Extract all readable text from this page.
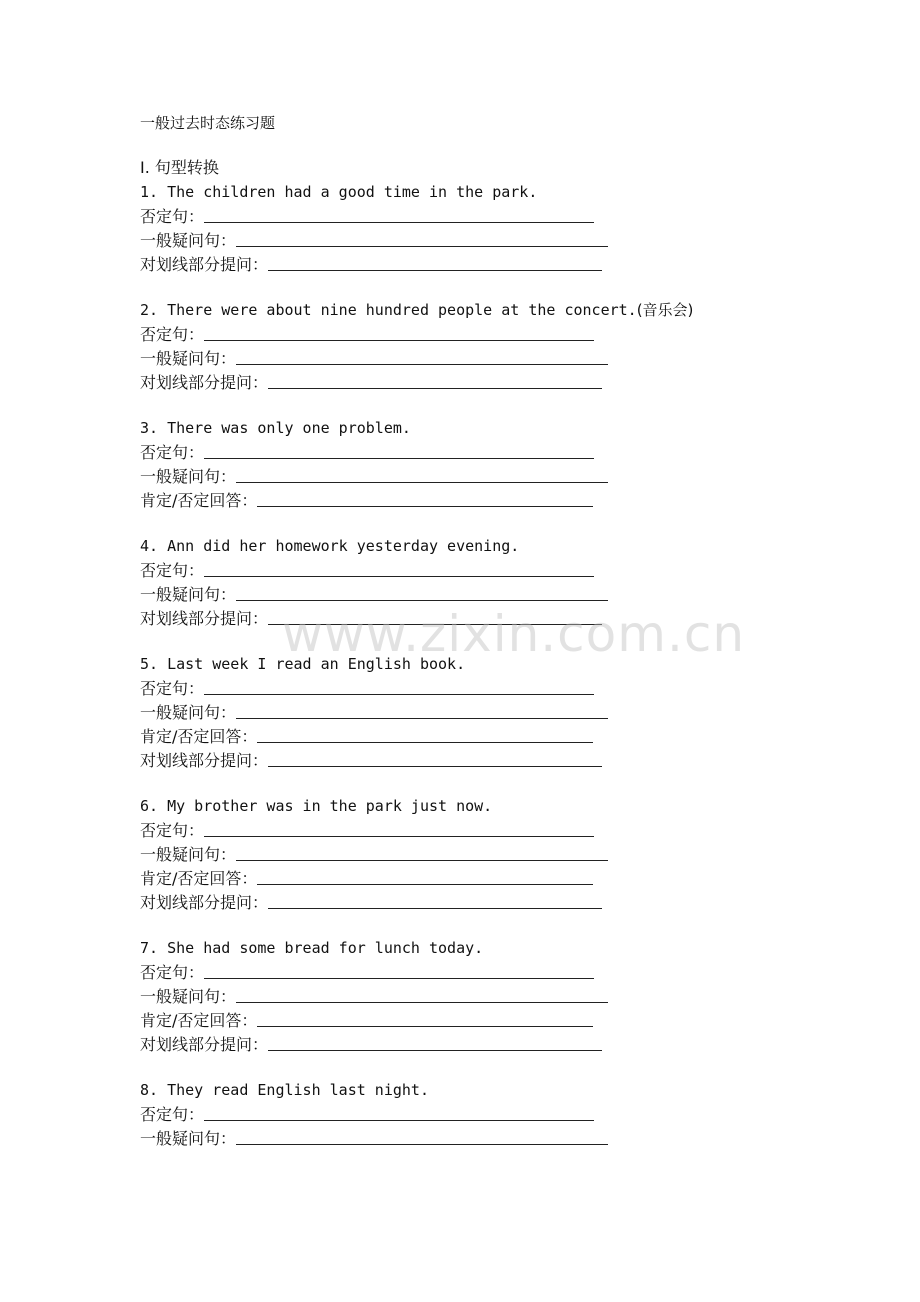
一般过去时态练习题
I. 句型转换
1. The children had a good time in the park.
否定句：
一般疑问句：
对划线部分提问：
2. There were about nine hundred people at the concert.(音乐会)
否定句：
一般疑问句：
对划线部分提问：
3. There was only one problem.
否定句：
一般疑问句：
肯定/否定回答：
4. Ann did her homework yesterday evening.
否定句：
一般疑问句：
对划线部分提问：
5. Last week I read an English book.
否定句：
一般疑问句：
肯定/否定回答：
对划线部分提问：
6. My brother was in the park just now.
否定句：
一般疑问句：
肯定/否定回答：
对划线部分提问：
7. She had some bread for lunch today.
否定句：
一般疑问句：
肯定/否定回答：
对划线部分提问：
8. They read English last night.
否定句：
一般疑问句：
www.zixin.com.cn
